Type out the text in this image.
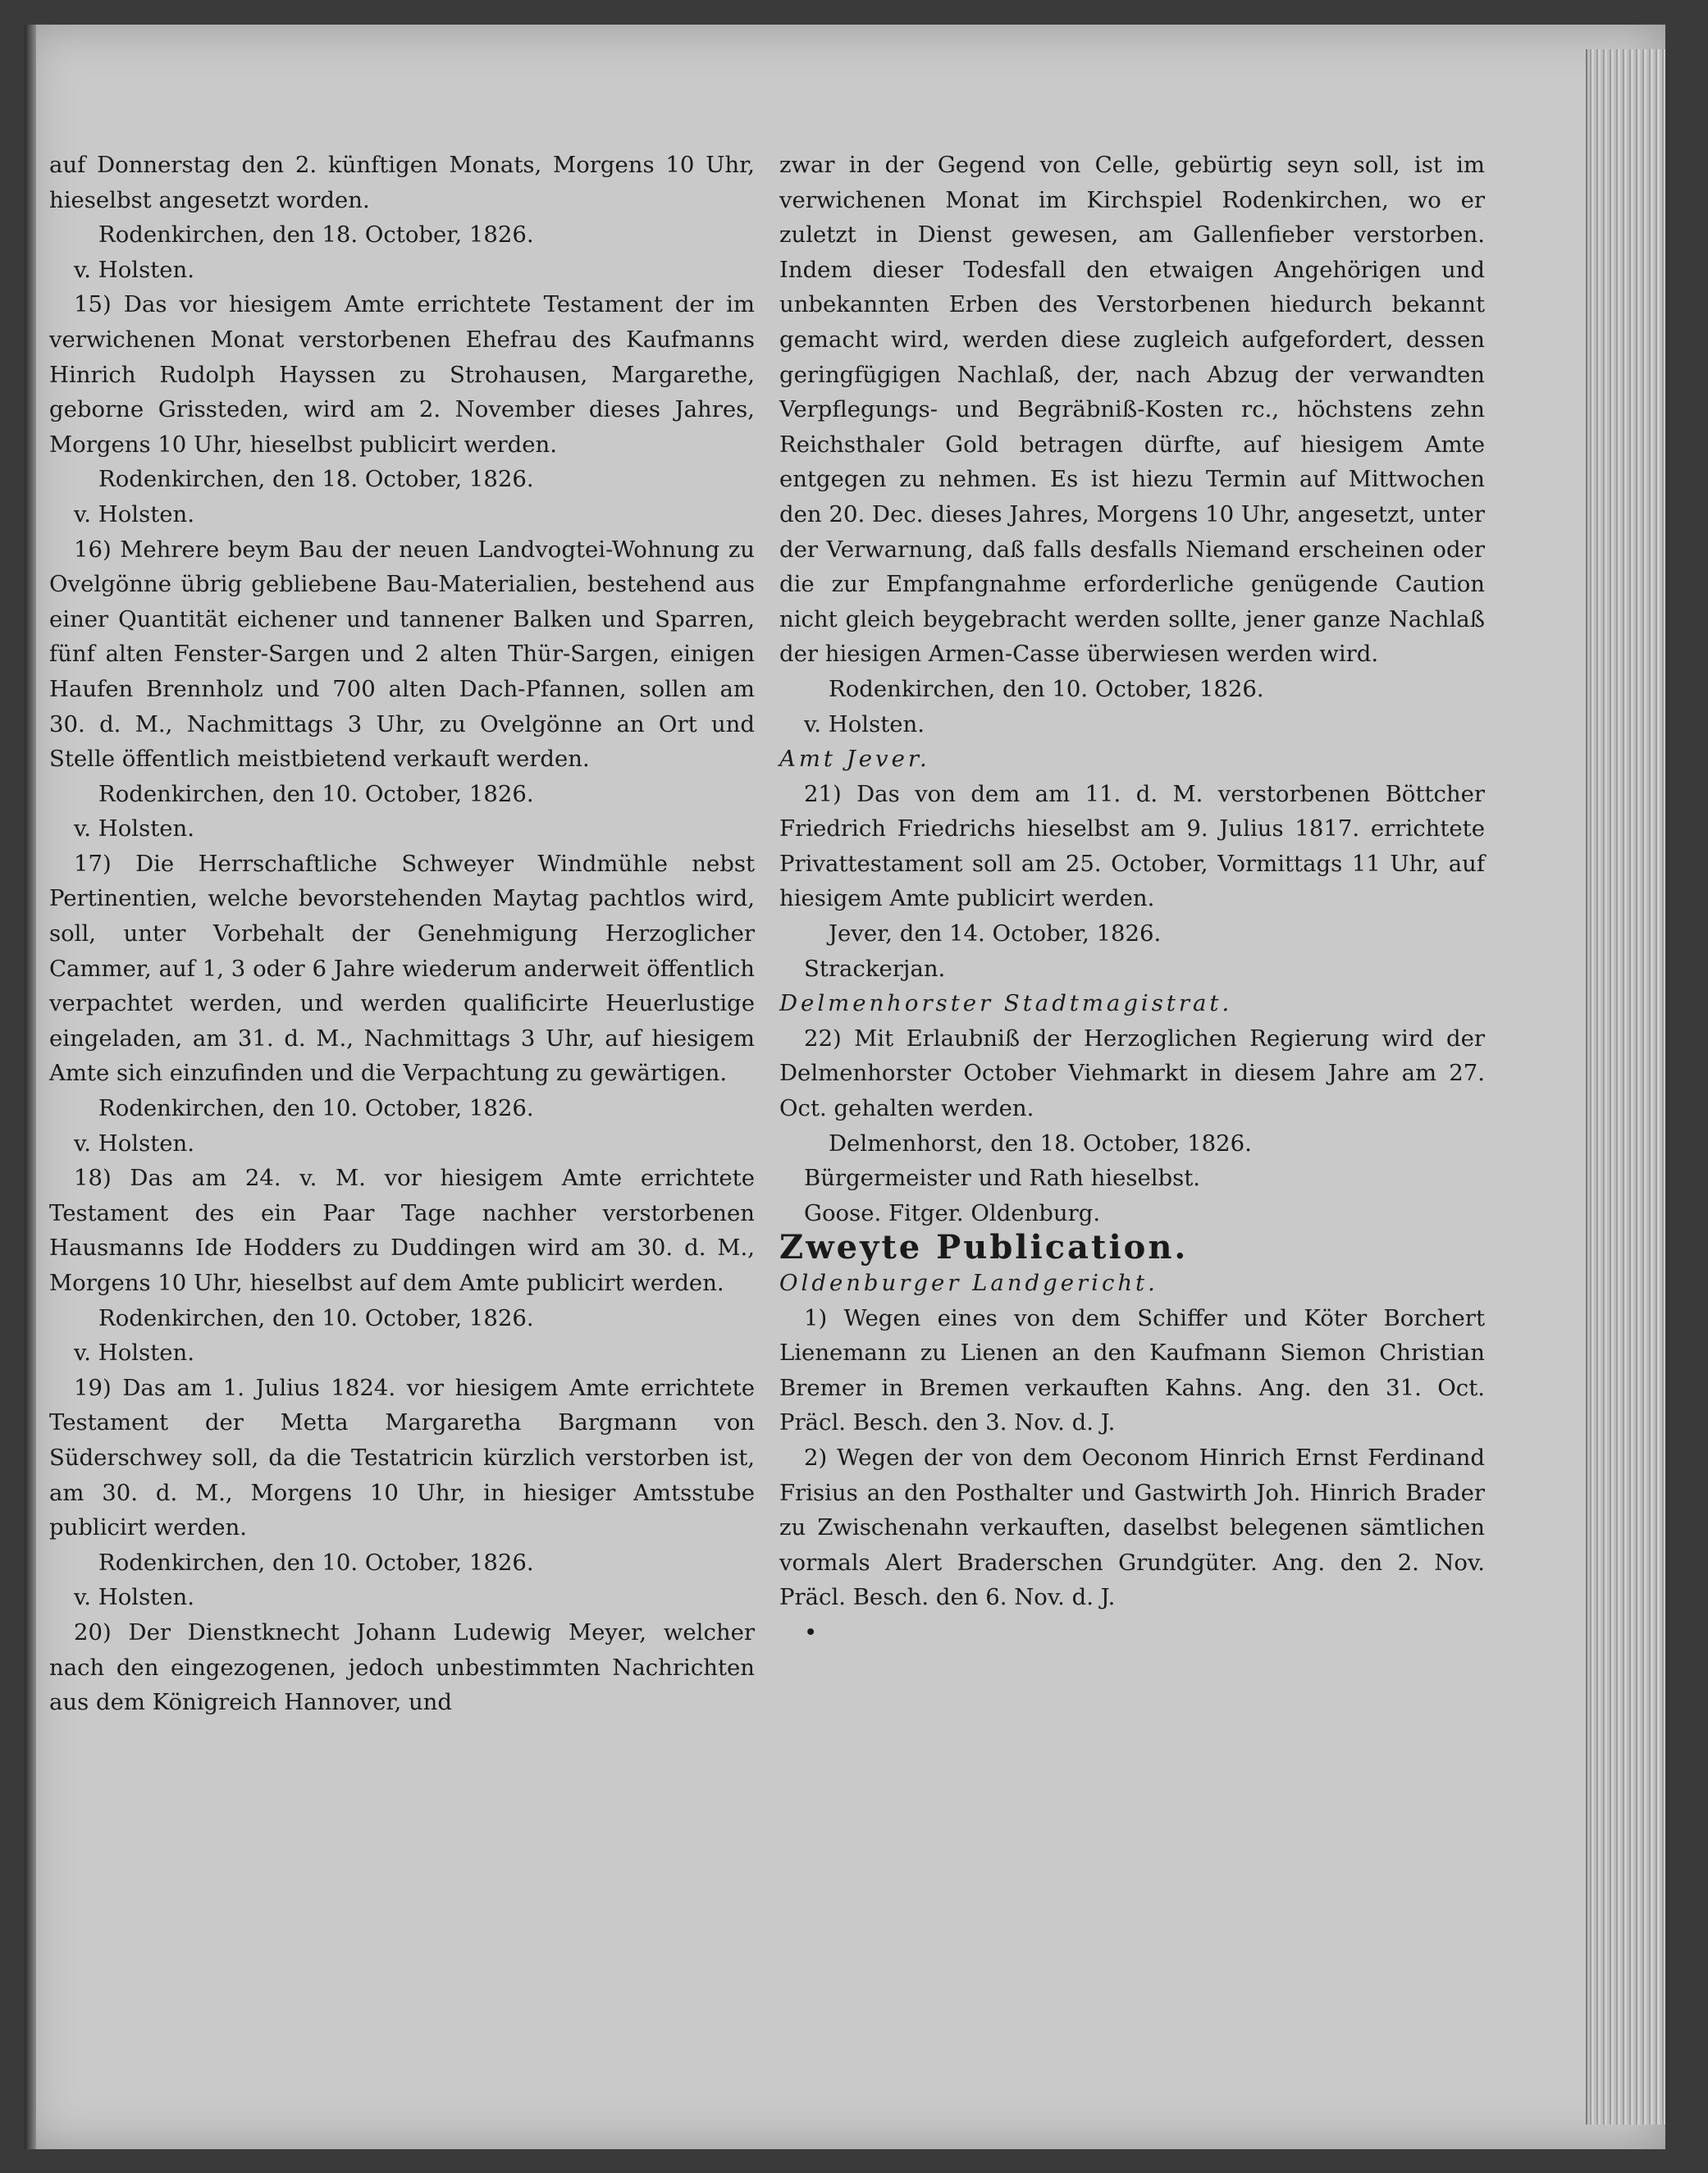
auf Donnerstag den 2. künftigen Monats, Morgens 10 Uhr, hieselbst angesetzt worden.

Rodenkirchen, den 18. October, 1826.

v. Holsten.

15) Das vor hiesigem Amte errichtete Testament der im verwichenen Monat verstorbenen Ehefrau des Kaufmanns Hinrich Rudolph Hayssen zu Strohausen, Margarethe, geborne Grissteden, wird am 2. November dieses Jahres, Morgens 10 Uhr, hieselbst publicirt werden.

Rodenkirchen, den 18. October, 1826.

v. Holsten.

16) Mehrere beym Bau der neuen Landvogtei-Wohnung zu Ovelgönne übrig gebliebene Bau-Materialien, bestehend aus einer Quantität eichener und tannener Balken und Sparren, fünf alten Fenster-Sargen und 2 alten Thür-Sargen, einigen Haufen Brennholz und 700 alten Dach-Pfannen, sollen am 30. d. M., Nachmittags 3 Uhr, zu Ovelgönne an Ort und Stelle öffentlich meistbietend verkauft werden.

Rodenkirchen, den 10. October, 1826.

v. Holsten.

17) Die Herrschaftliche Schweyer Windmühle nebst Pertinentien, welche bevorstehenden Maytag pachtlos wird, soll, unter Vorbehalt der Genehmigung Herzoglicher Cammer, auf 1, 3 oder 6 Jahre wiederum anderweit öffentlich verpachtet werden, und werden qualificirte Heuerlustige eingeladen, am 31. d. M., Nachmittags 3 Uhr, auf hiesigem Amte sich einzufinden und die Verpachtung zu gewärtigen.

Rodenkirchen, den 10. October, 1826.

v. Holsten.

18) Das am 24. v. M. vor hiesigem Amte errichtete Testament des ein Paar Tage nachher verstorbenen Hausmanns Ide Hodders zu Duddingen wird am 30. d. M., Morgens 10 Uhr, hieselbst auf dem Amte publicirt werden.

Rodenkirchen, den 10. October, 1826.

v. Holsten.

19) Das am 1. Julius 1824. vor hiesigem Amte errichtete Testament der Metta Margaretha Bargmann von Süderschwey soll, da die Testatricin kürzlich verstorben ist, am 30. d. M., Morgens 10 Uhr, in hiesiger Amtsstube publicirt werden.

Rodenkirchen, den 10. October, 1826.

v. Holsten.

20) Der Dienstknecht Johann Ludewig Meyer, welcher nach den eingezogenen, jedoch unbestimmten Nachrichten aus dem Königreich Hannover, und

zwar in der Gegend von Celle, gebürtig seyn soll, ist im verwichenen Monat im Kirchspiel Rodenkirchen, wo er zuletzt in Dienst gewesen, am Gallenfieber verstorben. Indem dieser Todesfall den etwaigen Angehörigen und unbekannten Erben des Verstorbenen hiedurch bekannt gemacht wird, werden diese zugleich aufgefordert, dessen geringfügigen Nachlaß, der, nach Abzug der verwandten Verpflegungs- und Begräbniß-Kosten rc., höchstens zehn Reichsthaler Gold betragen dürfte, auf hiesigem Amte entgegen zu nehmen. Es ist hiezu Termin auf Mittwochen den 20. Dec. dieses Jahres, Morgens 10 Uhr, angesetzt, unter der Verwarnung, daß falls desfalls Niemand erscheinen oder die zur Empfangnahme erforderliche genügende Caution nicht gleich beygebracht werden sollte, jener ganze Nachlaß der hiesigen Armen-Casse überwiesen werden wird.

Rodenkirchen, den 10. October, 1826.

v. Holsten.

Amt Jever.

21) Das von dem am 11. d. M. verstorbenen Böttcher Friedrich Friedrichs hieselbst am 9. Julius 1817. errichtete Privattestament soll am 25. October, Vormittags 11 Uhr, auf hiesigem Amte publicirt werden.

Jever, den 14. October, 1826.

Strackerjan.

Delmenhorster Stadtmagistrat.

22) Mit Erlaubniß der Herzoglichen Regierung wird der Delmenhorster October Viehmarkt in diesem Jahre am 27. Oct. gehalten werden.

Delmenhorst, den 18. October, 1826.

Bürgermeister und Rath hieselbst.

Goose. Fitger. Oldenburg.

Zweyte Publication.

Oldenburger Landgericht.

1) Wegen eines von dem Schiffer und Köter Borchert Lienemann zu Lienen an den Kaufmann Siemon Christian Bremer in Bremen verkauften Kahns. Ang. den 31. Oct. Präcl. Besch. den 3. Nov. d. J.

2) Wegen der von dem Oeconom Hinrich Ernst Ferdinand Frisius an den Posthalter und Gastwirth Joh. Hinrich Brader zu Zwischenahn verkauften, daselbst belegenen sämtlichen vormals Alert Braderschen Grundgüter. Ang. den 2. Nov. Präcl. Besch. den 6. Nov. d. J.

•
